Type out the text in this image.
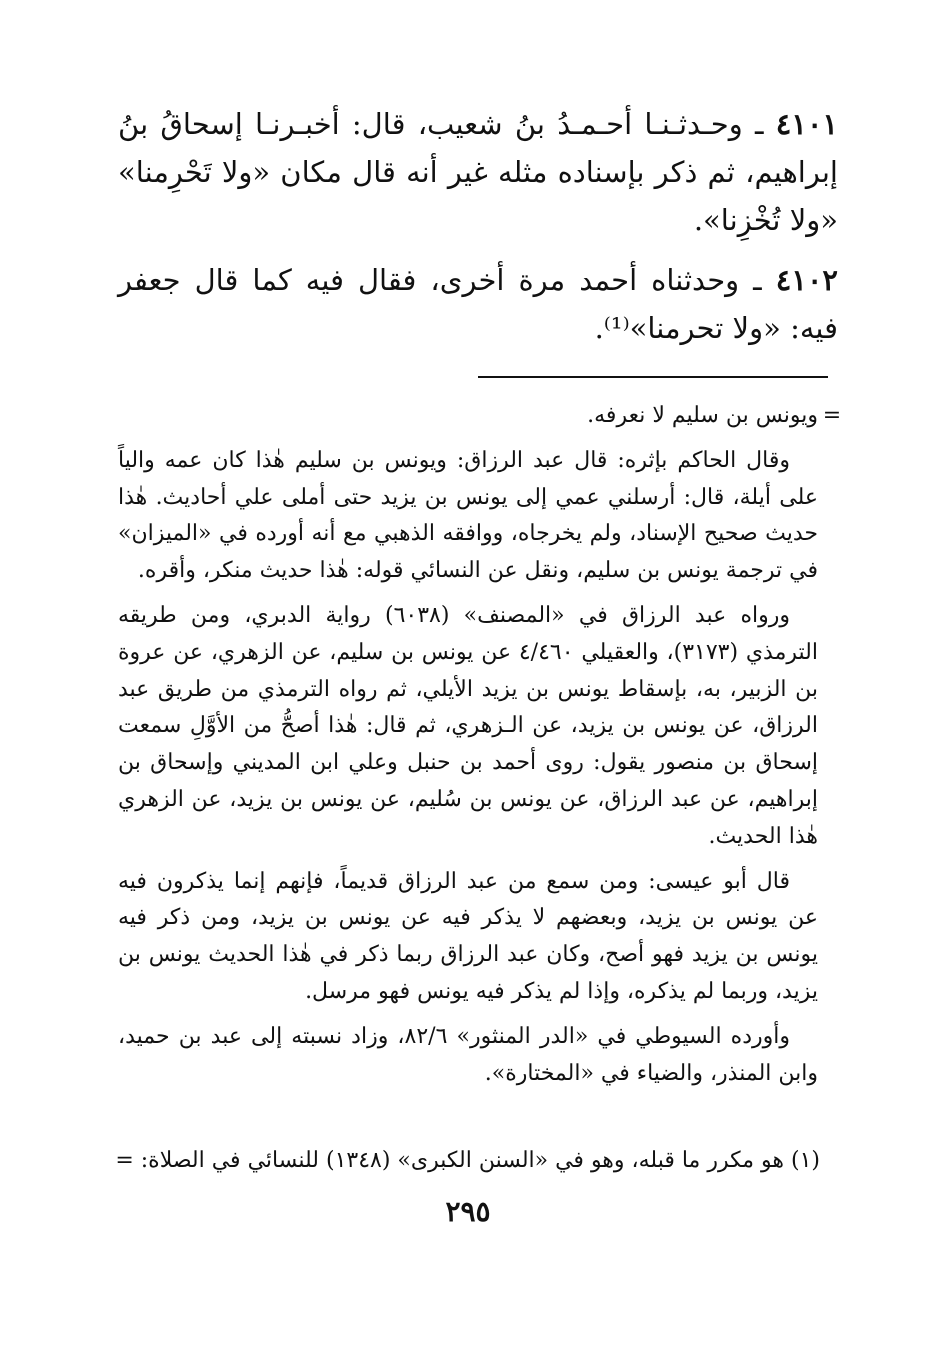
٤١٠١ ـ وحـدثـنـا أحـمـدُ بنُ شعيب، قال: أخبـرنـا إسحاقُ بنُ إبراهيم، ثم ذكر بإسناده مثله غير أنه قال مكان «ولا تَحْرِمنا» «ولا تُخْزِنا».

٤١٠٢ ـ وحدثناه أحمد مرة أخرى، فقال فيه كما قال جعفر فيه: «ولا تحرمنا»⁽¹⁾.

=

ويونس بن سليم لا نعرفه.

وقال الحاكم بإثره: قال عبد الرزاق: ويونس بن سليم هٰذا كان عمه والياً على أيلة، قال: أرسلني عمي إلى يونس بن يزيد حتى أملى علي أحاديث. هٰذا حديث صحيح الإسناد، ولم يخرجاه، ووافقه الذهبي مع أنه أورده في «الميزان» في ترجمة يونس بن سليم، ونقل عن النسائي قوله: هٰذا حديث منكر، وأقره.

ورواه عبد الرزاق في «المصنف» (٦٠٣٨) رواية الدبري، ومن طريقه الترمذي (٣١٧٣)، والعقيلي ٤/٤٦٠ عن يونس بن سليم، عن الزهري، عن عروة بن الزبير، به، بإسقاط يونس بن يزيد الأيلي، ثم رواه الترمذي من طريق عبد الرزاق، عن يونس بن يزيد، عن الـزهري، ثم قال: هٰذا أصحُّ من الأوَّلِ سمعت إسحاق بن منصور يقول: روى أحمد بن حنبل وعلي ابن المديني وإسحاق بن إبراهيم، عن عبد الرزاق، عن يونس بن سُليم، عن يونس بن يزيد، عن الزهري هٰذا الحديث.

قال أبو عيسى: ومن سمع من عبد الرزاق قديماً، فإنهم إنما يذكرون فيه عن يونس بن يزيد، وبعضهم لا يذكر فيه عن يونس بن يزيد، ومن ذكر فيه يونس بن يزيد فهو أصح، وكان عبد الرزاق ربما ذكر في هٰذا الحديث يونس بن يزيد، وربما لم يذكره، وإذا لم يذكر فيه يونس فهو مرسل.

وأورده السيوطي في «الدر المنثور» ٨٢/٦، وزاد نسبته إلى عبد بن حميد، وابن المنذر، والضياء في «المختارة».

(١) هو مكرر ما قبله، وهو في «السنن الكبرى» (١٣٤٨) للنسائي في الصلاة: =
٢٩٥
